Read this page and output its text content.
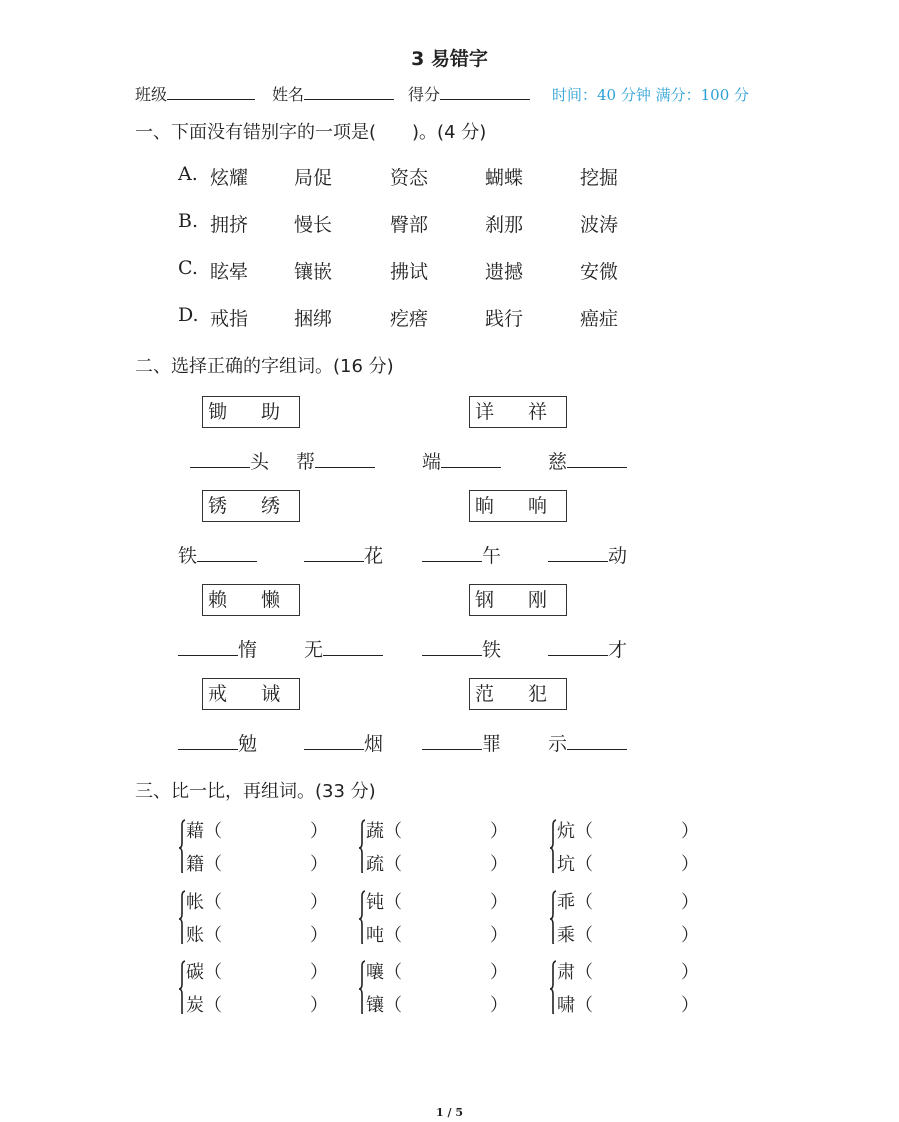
3 易错字
班级	姓名	得分	时间：40 分钟 满分：100 分
一、下面没有错别字的一项是(　　)。(4 分)
A. 炫耀 局促	资态	蝴蝶	挖掘
B. 拥挤 慢长	臀部	刹那	波涛
C. 眩晕 镶嵌	拂试	遗撼	安微
D. 戒指 捆绑	疙瘩	践行	癌症
二、选择正确的字组词。(16 分)
锄 助	详 祥
头 帮	端	慈
锈 绣	晌 响
铁	花	午	动
赖 懒	钢 刚
惰 无	铁	才
戒 诫	范 犯
勉	烟	罪 示
三、比一比，再组词。(33 分)
藉（	）
籍（	）
蔬（	）
疏（	）
炕（	）
坑（	）
帐（	）
账（	）
钝（	）
吨（	）
乖（	）
乘（	）
碳（	）
炭（	）
嚷（	）
镶（	）
肃（	）
啸（	）
1 / 5
